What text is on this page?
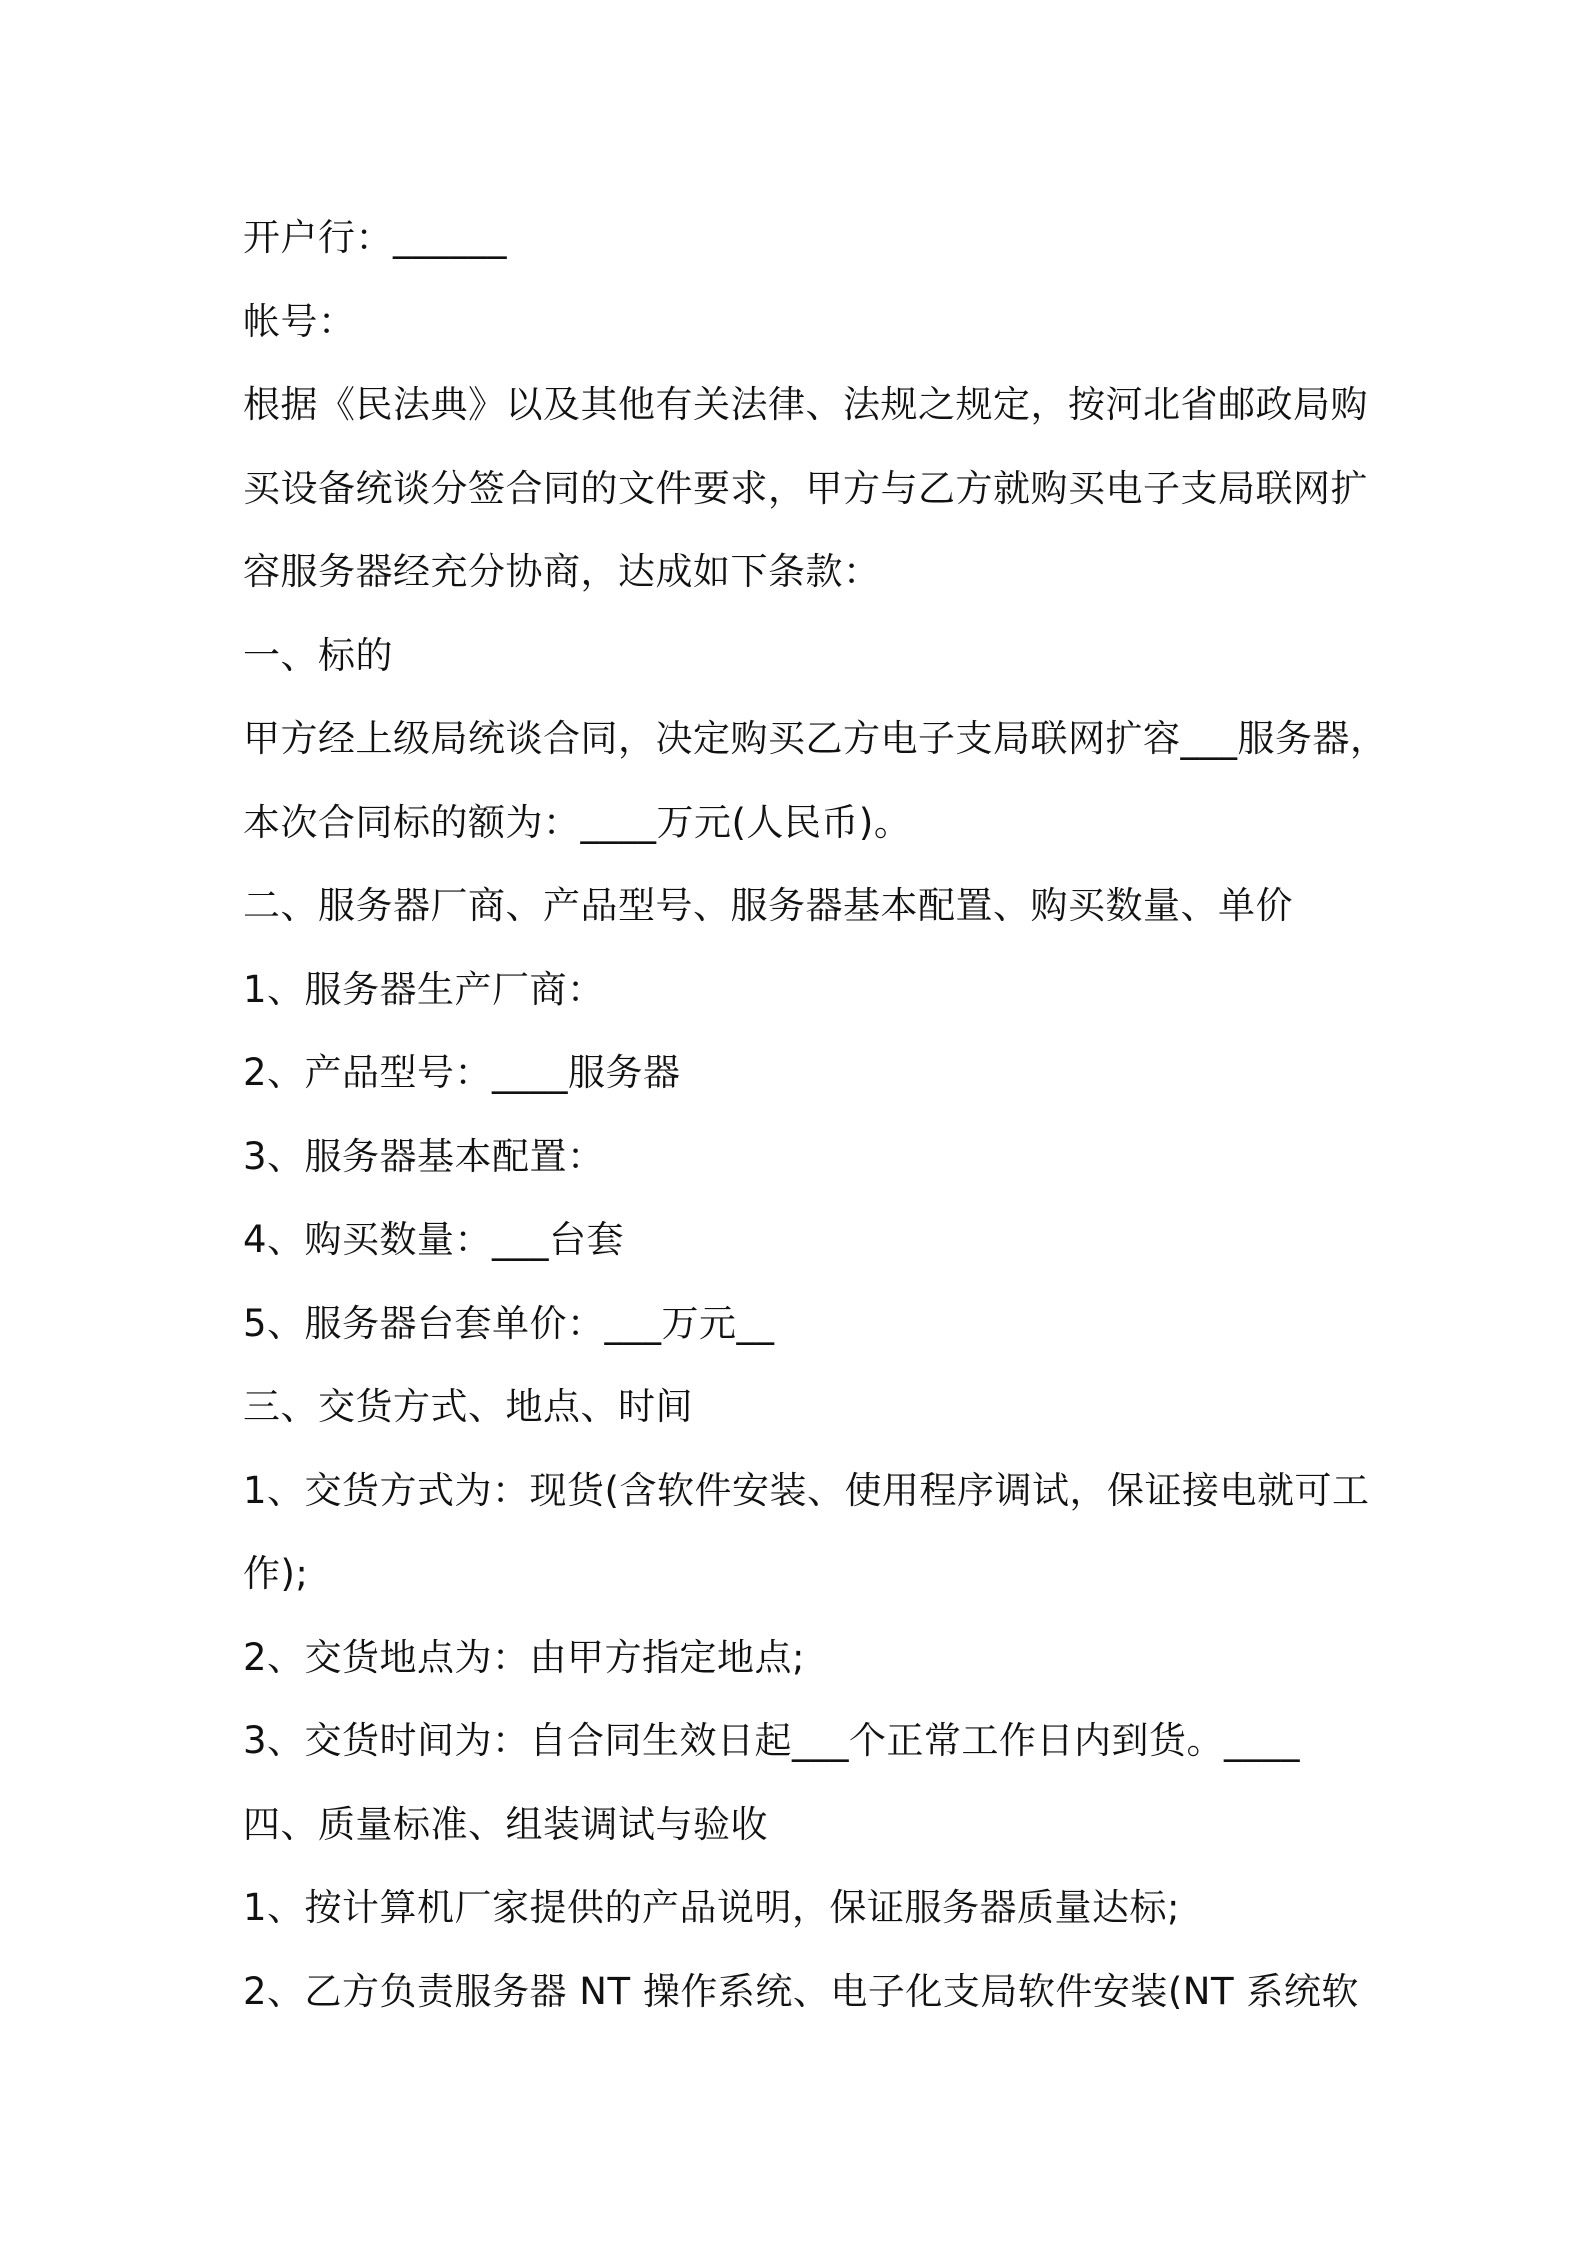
开户行：______
帐号：
根据《民法典》以及其他有关法律、法规之规定，按河北省邮政局购
买设备统谈分签合同的文件要求，甲方与乙方就购买电子支局联网扩
容服务器经充分协商，达成如下条款：
一、标的
甲方经上级局统谈合同，决定购买乙方电子支局联网扩容___服务器，
本次合同标的额为：____万元(人民币)。
二、服务器厂商、产品型号、服务器基本配置、购买数量、单价
1、服务器生产厂商：
2、产品型号：____服务器
3、服务器基本配置：
4、购买数量：___台套
5、服务器台套单价：___万元__
三、交货方式、地点、时间
1、交货方式为：现货(含软件安装、使用程序调试，保证接电就可工
作);
2、交货地点为：由甲方指定地点;
3、交货时间为：自合同生效日起___个正常工作日内到货。____
四、质量标准、组装调试与验收
1、按计算机厂家提供的产品说明，保证服务器质量达标;
2、乙方负责服务器 NT 操作系统、电子化支局软件安装(NT 系统软
